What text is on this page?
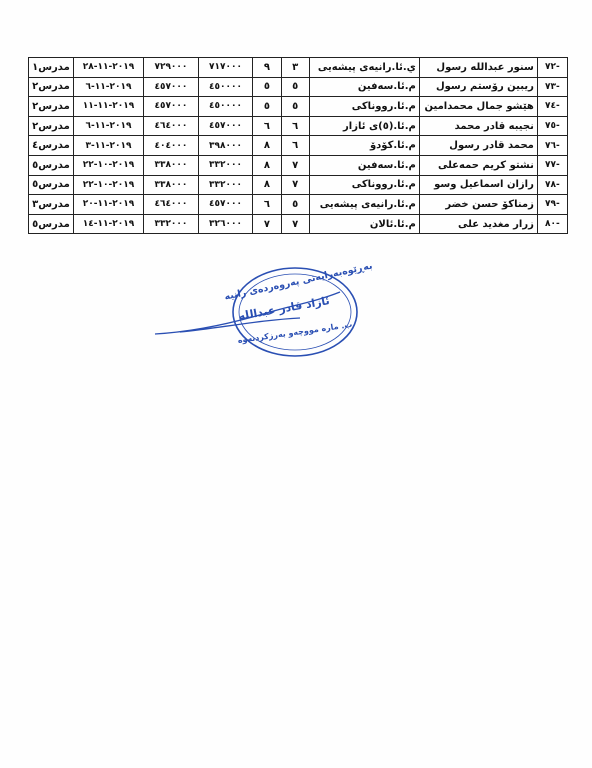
-٧٢	سنور عبدالله رسول	ي.ئا.رانيەی پيشەيی	٣	٩	٧١٧٠٠٠	٧٢٩٠٠٠	٢٠١٩-١١-٢٨	مدرس١
-٧٣	ريبين رۆستم رسول	م.ئا.سەفين	٥	٥	٤٥٠٠٠٠	٤٥٧٠٠٠	٢٠١٩-١١-٦	مدرس٢
-٧٤	هێشو جمال محمدامين	م.ئا.رووناكی	٥	٥	٤٥٠٠٠٠	٤٥٧٠٠٠	٢٠١٩-١١-١١	مدرس٢
-٧٥	نجيبه قادر محمد	م.ئا.(٥)ی ئازار	٦	٦	٤٥٧٠٠٠	٤٦٤٠٠٠	٢٠١٩-١١-٦	مدرس٢
-٧٦	محمد قادر رسول	م.ئا.كۆدۆ	٦	٨	٣٩٨٠٠٠	٤٠٤٠٠٠	٢٠١٩-١١-٣	مدرس٤
-٧٧	نشتو كريم حمەعلی	م.ئا.سەفين	٧	٨	٣٣٢٠٠٠	٣٣٨٠٠٠	٢٠١٩-١٠-٢٢	مدرس٥
-٧٨	رازان اسماعيل وسو	م.ئا.رووناكی	٧	٨	٣٣٢٠٠٠	٣٣٨٠٠٠	٢٠١٩-١٠-٢٢	مدرس٥
-٧٩	زمناكۆ حسن خضر	م.ئا.رانيەی پيشەيی	٥	٦	٤٥٧٠٠٠	٤٦٤٠٠٠	٢٠١٩-١١-٢٠	مدرس٣
-٨٠	زرار مغديد علی	م.ئا.ئالان	٧	٧	٣٢٦٠٠٠	٣٣٢٠٠٠	٢٠١٩-١١-١٤	مدرس٥
بەڕێوەبەرایەتی پەروەردەی رانیە
ئازاد قادر عبدالله
ب. مارە مووچەو بەرزكردنەوە
